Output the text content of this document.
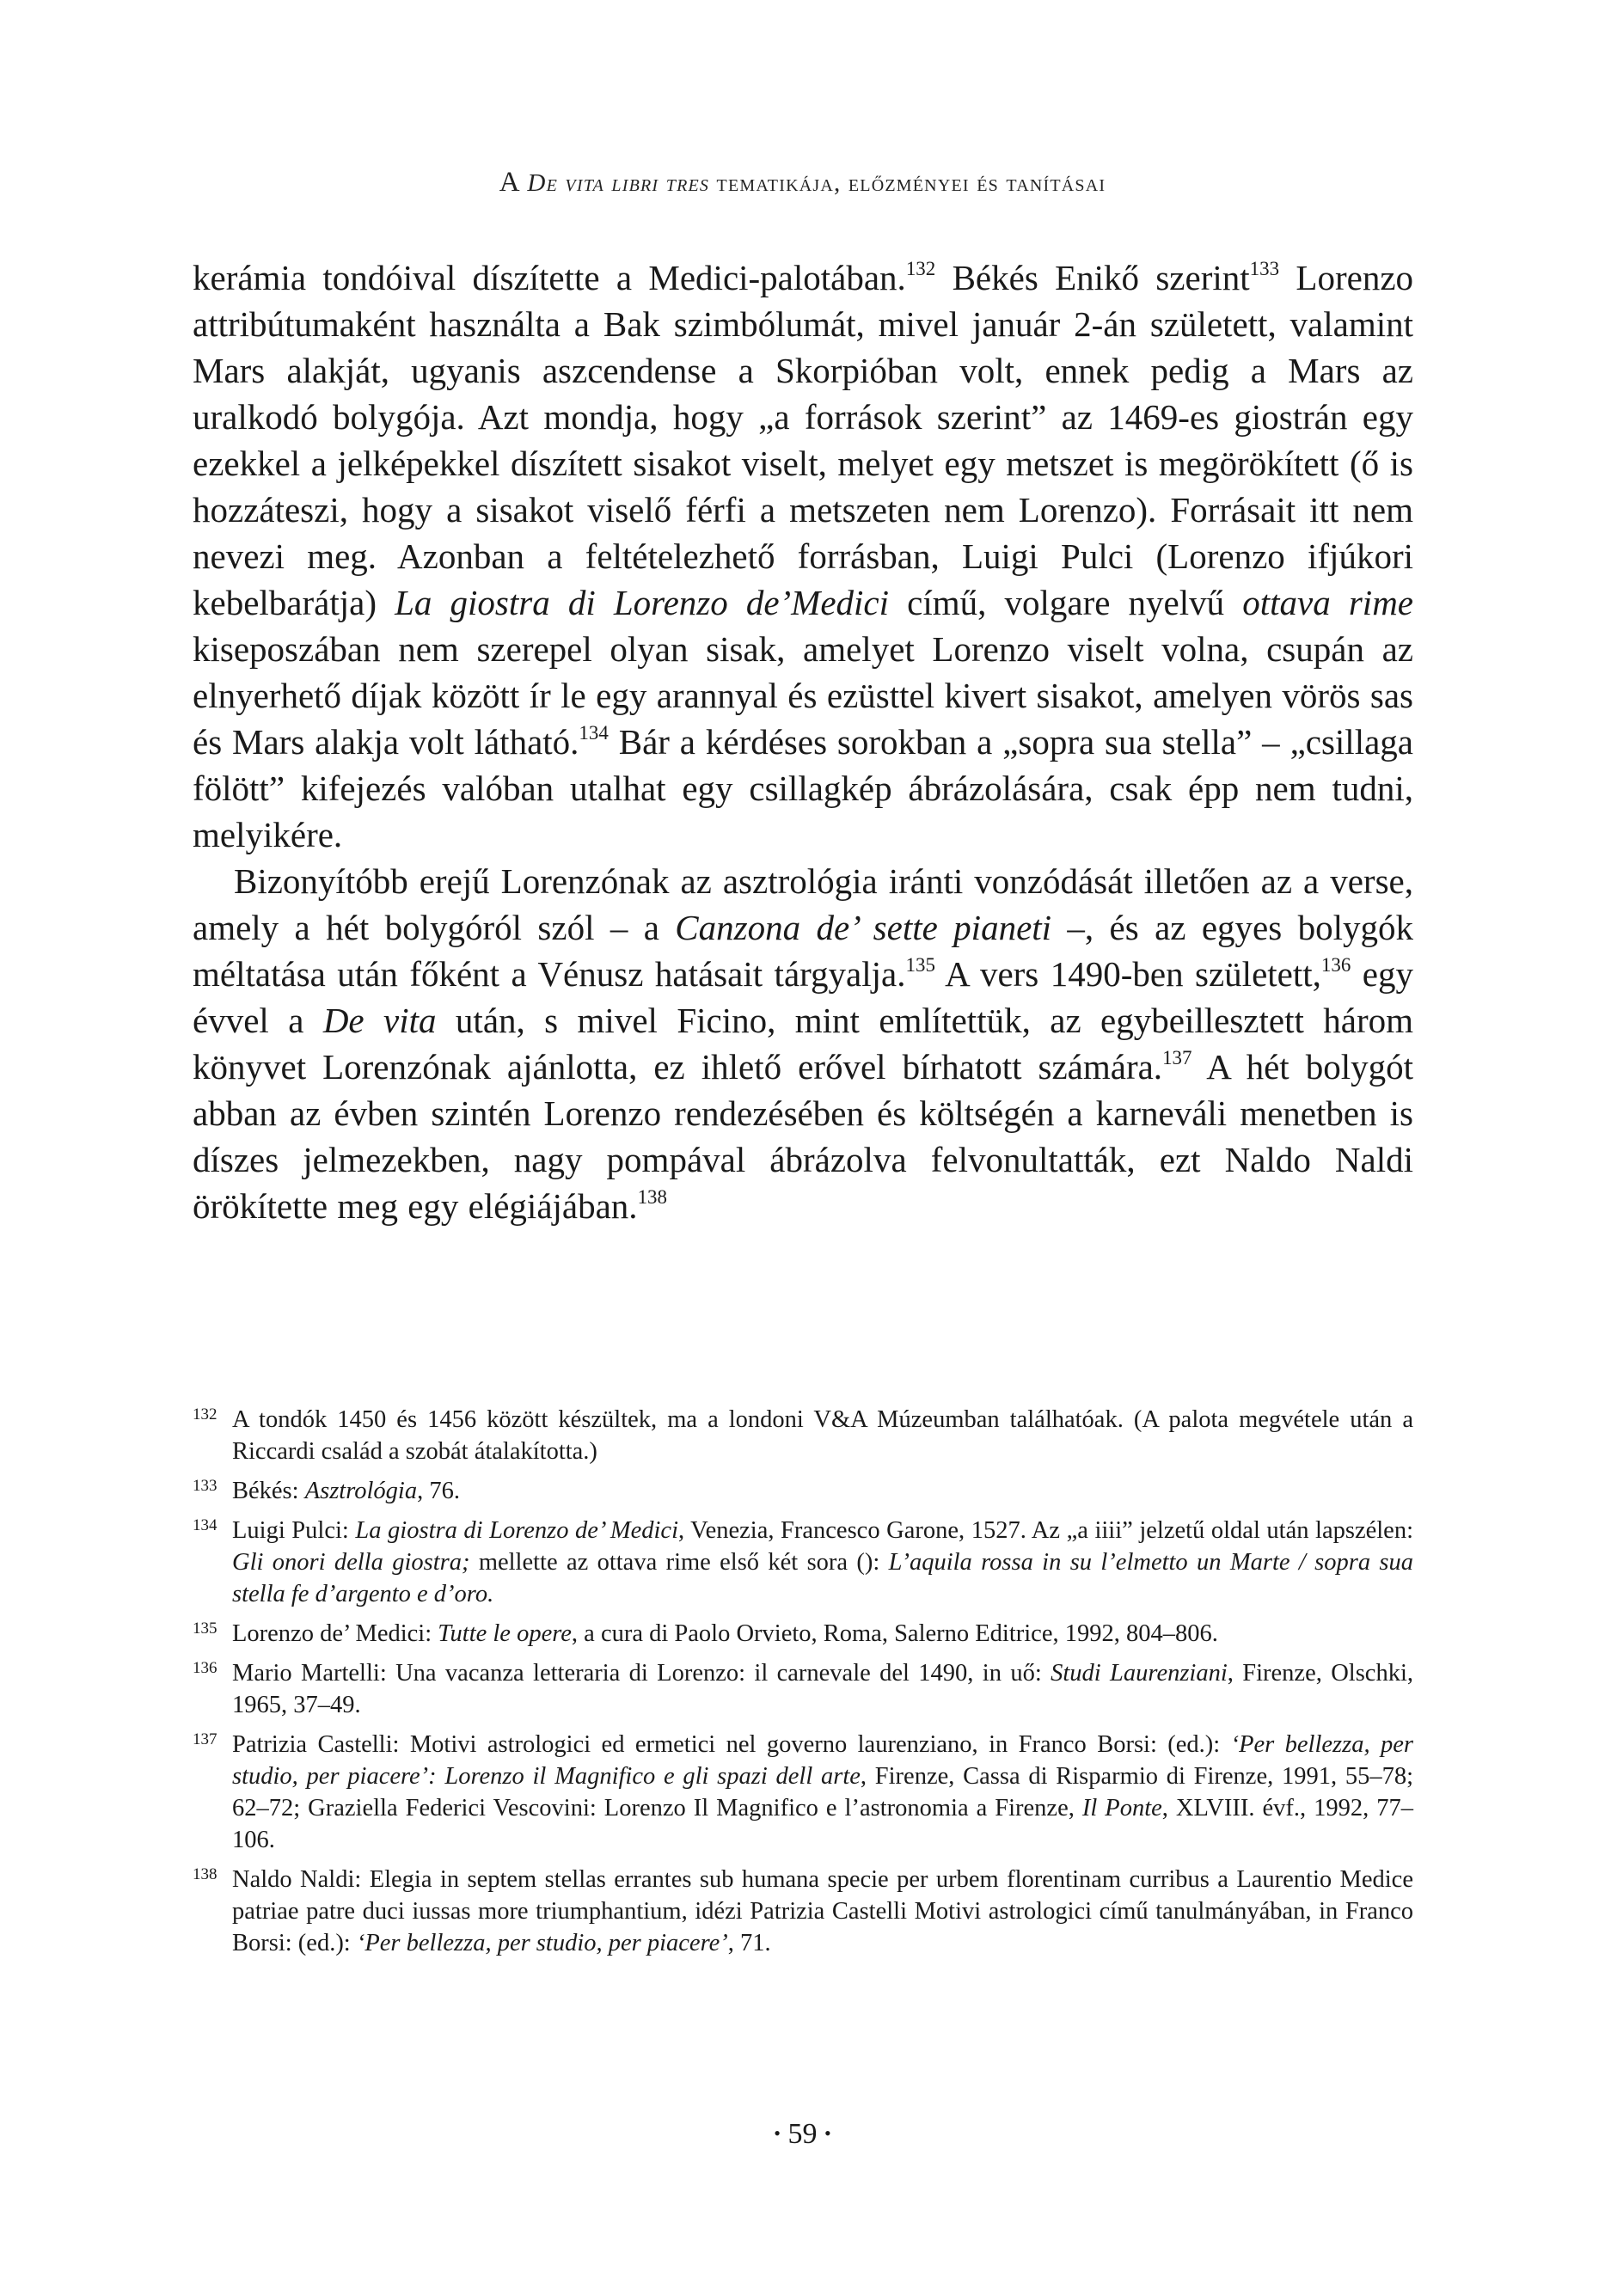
A De vita libri tres tematikája, előzményei és tanításai

kerámia tondóival díszítette a Medici-palotában.$^{132}$ Békés Enikő szerint$^{133}$ Lorenzo attribútumaként használta a Bak szimbólumát, mivel január 2-án született, valamint Mars alakját, ugyanis aszcendense a Skorpióban volt, ennek pedig a Mars az uralkodó bolygója. Azt mondja, hogy „a források szerint” az 1469-es giostrán egy ezekkel a jelképekkel díszített sisakot viselt, melyet egy metszet is megörökített (ő is hozzáteszi, hogy a sisakot viselő férfi a metszeten nem Lorenzo). Forrásait itt nem nevezi meg. Azonban a feltételezhető forrásban, Luigi Pulci (Lorenzo ifjúkori kebelbarátja) La giostra di Lorenzo de’Medici című, volgare nyelvű ottava rime kiseposzában nem szerepel olyan sisak, amelyet Lorenzo viselt volna, csupán az elnyerhető díjak között ír le egy arannyal és ezüsttel kivert sisakot, amelyen vörös sas és Mars alakja volt látható.$^{134}$ Bár a kérdéses sorokban a „sopra sua stella” – „csillaga fölött” kifejezés valóban utalhat egy csillagkép ábrázolására, csak épp nem tudni, melyikére.

Bizonyítóbb erejű Lorenzónak az asztrológia iránti vonzódását illetően az a verse, amely a hét bolygóról szól – a Canzona de’ sette pianeti –, és az egyes bolygók méltatása után főként a Vénusz hatásait tárgyalja.$^{135}$ A vers 1490-ben született,$^{136}$ egy évvel a De vita után, s mivel Ficino, mint említettük, az egybeillesztett három könyvet Lorenzónak ajánlotta, ez ihlető erővel bírhatott számára.$^{137}$ A hét bolygót abban az évben szintén Lorenzo rendezésében és költségén a karneváli menetben is díszes jelmezekben, nagy pompával ábrázolva felvonultatták, ezt Naldo Naldi örökítette meg egy elégiájában.$^{138}$

132 A tondók 1450 és 1456 között készültek, ma a londoni V&A Múzeumban találhatóak. (A palota megvétele után a Riccardi család a szobát átalakította.)
133 Békés: Asztrológia, 76.
134 Luigi Pulci: La giostra di Lorenzo de’ Medici, Venezia, Francesco Garone, 1527. Az „a iiii” jelzetű oldal után lapszélen: Gli onori della giostra; mellette az ottava rime első két sora (): L’aquila rossa in su l’elmetto un Marte / sopra sua stella fe d’argento e d’oro.
135 Lorenzo de’ Medici: Tutte le opere, a cura di Paolo Orvieto, Roma, Salerno Editrice, 1992, 804–806.
136 Mario Martelli: Una vacanza letteraria di Lorenzo: il carnevale del 1490, in uő: Studi Laurenziani, Firenze, Olschki, 1965, 37–49.
137 Patrizia Castelli: Motivi astrologici ed ermetici nel governo laurenziano, in Franco Borsi: (ed.): ‘Per bellezza, per studio, per piacere’: Lorenzo il Magnifico e gli spazi dell arte, Firenze, Cassa di Risparmio di Firenze, 1991, 55–78; 62–72; Graziella Federici Vescovini: Lorenzo Il Magnifico e l’astronomia a Firenze, Il Ponte, XLVIII. évf., 1992, 77–106.
138 Naldo Naldi: Elegia in septem stellas errantes sub humana specie per urbem florentinam curribus a Laurentio Medice patriae patre duci iussas more triumphantium, idézi Patrizia Castelli Motivi astrologici című tanulmányában, in Franco Borsi: (ed.): ‘Per bellezza, per studio, per piacere’, 71.
• 59 •
